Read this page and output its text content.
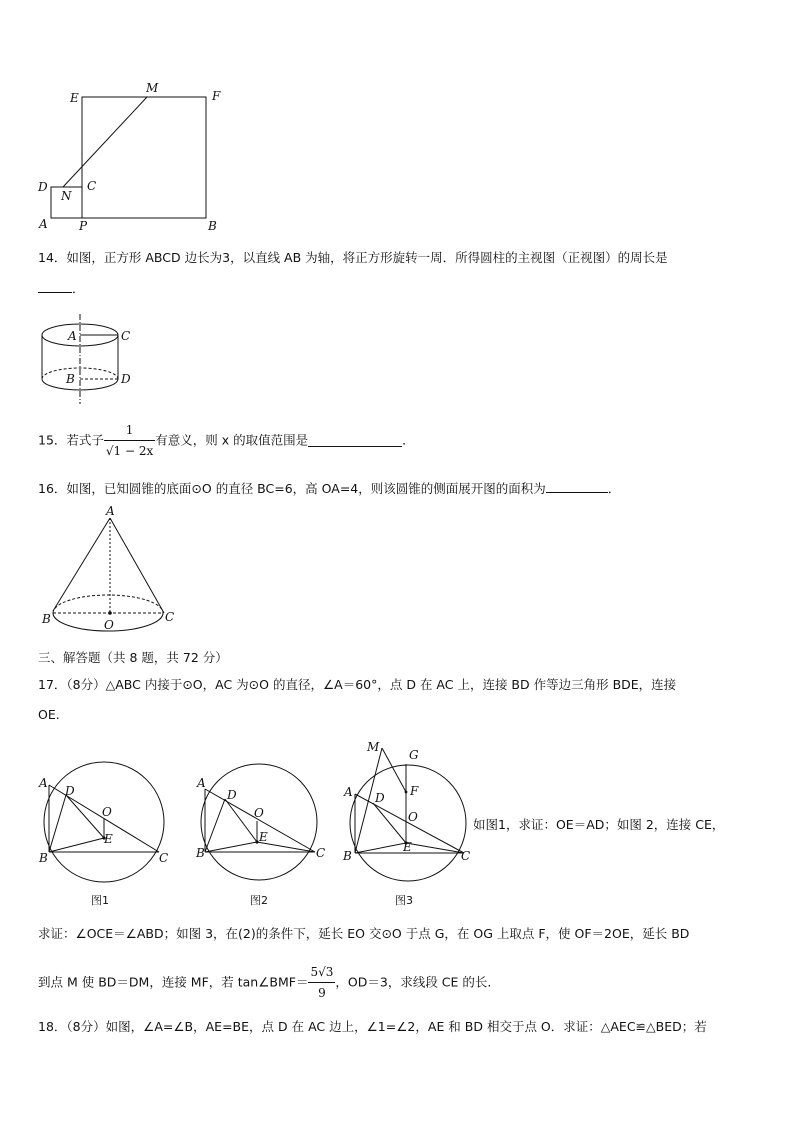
E
M
F
D
N
C
A	P	B
14．如图，正方形 ABCD 边长为3，以直线 AB 为轴，将正方形旋转一周．所得圆柱的主视图（正视图）的周长是
．
A	C
B	D
15．若式子 $\frac{1}{√1 - 2x}$ 有意义，则 x 的取值范围是	．
16．如图，已知圆锥的底面⊙O 的直径 BC=6，高 OA=4，则该圆锥的侧面展开图的面积为	．
A
B	C
O
三、解答题（共 8 题，共 72 分）
17．（8分）△ABC 内接于⊙O，AC 为⊙O 的直径，∠A＝60°，点 D 在 AC 上，连接 BD 作等边三角形 BDE，连接
OE.
A
D
O
E
B	C
图1
A
D
O
E
B	C
图2
M
G
F
A D
O
E
B	C
图3
如图1，求证：OE＝AD；如图 2，连接 CE，
求证：∠OCE＝∠ABD；如图 3，在(2)的条件下，延长 EO 交⊙O 于点 G，在 OG 上取点 F，使 OF＝2OE，延长 BD
到点 M 使 BD＝DM，连接 MF，若 tan∠BMF＝ $\frac{5√3}{9}$ ，OD＝3，求线段 CE 的长.
18．（8分）如图，∠A=∠B，AE=BE，点 D 在 AC 边上，∠1=∠2，AE 和 BD 相交于点 O．求证：△AEC≌△BED；若
